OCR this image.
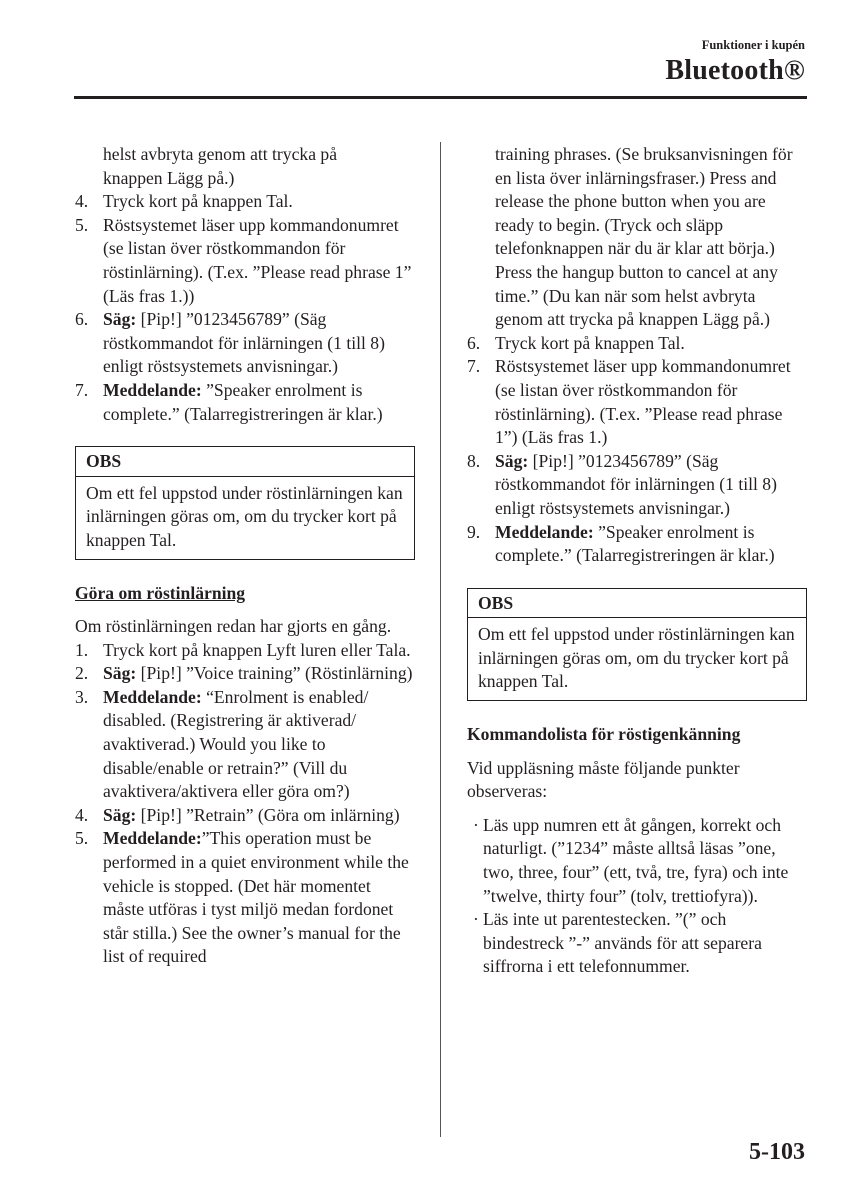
Funktioner i kupén
Bluetooth®
helst avbryta genom att trycka på
knappen Lägg på.)
4. Tryck kort på knappen Tal.
5. Röstsystemet läser upp kommandonumret (se listan över röstkommandon för röstinlärning). (T.ex. ”Please read phrase 1” (Läs fras 1.))
6. Säg: [Pip!] ”0123456789” (Säg röstkommandot för inlärningen (1 till 8) enligt röstsystemets anvisningar.)
7. Meddelande: ”Speaker enrolment is complete.” (Talarregistreringen är klar.)
OBS
Om ett fel uppstod under röstinlärningen kan inlärningen göras om, om du trycker kort på knappen Tal.
Göra om röstinlärning
Om röstinlärningen redan har gjorts en gång.
1. Tryck kort på knappen Lyft luren eller Tala.
2. Säg: [Pip!] ”Voice training” (Röstinlärning)
3. Meddelande: “Enrolment is enabled/ disabled. (Registrering är aktiverad/ avaktiverad.) Would you like to disable/enable or retrain?” (Vill du avaktivera/aktivera eller göra om?)
4. Säg: [Pip!] ”Retrain” (Göra om inlärning)
5. Meddelande:”This operation must be performed in a quiet environment while the vehicle is stopped. (Det här momentet måste utföras i tyst miljö medan fordonet står stilla.) See the owner’s manual for the list of required
training phrases. (Se bruksanvisningen för en lista över inlärningsfraser.) Press and release the phone button when you are ready to begin. (Tryck och släpp telefonknappen när du är klar att börja.) Press the hangup button to cancel at any time.” (Du kan när som helst avbryta genom att trycka på knappen Lägg på.)
6. Tryck kort på knappen Tal.
7. Röstsystemet läser upp kommandonumret (se listan över röstkommandon för röstinlärning). (T.ex. ”Please read phrase 1”) (Läs fras 1.)
8. Säg: [Pip!] ”0123456789” (Säg röstkommandot för inlärningen (1 till 8) enligt röstsystemets anvisningar.)
9. Meddelande: ”Speaker enrolment is complete.” (Talarregistreringen är klar.)
OBS
Om ett fel uppstod under röstinlärningen kan inlärningen göras om, om du trycker kort på knappen Tal.
Kommandolista för röstigenkänning
Vid uppläsning måste följande punkter observeras:
· Läs upp numren ett åt gången, korrekt och naturligt. (”1234” måste alltså läsas ”one, two, three, four” (ett, två, tre, fyra) och inte ”twelve, thirty four” (tolv, trettiofyra)).
· Läs inte ut parentestecken. ”(” och bindestreck ”-” används för att separera siffrorna i ett telefonnummer.
5-103
